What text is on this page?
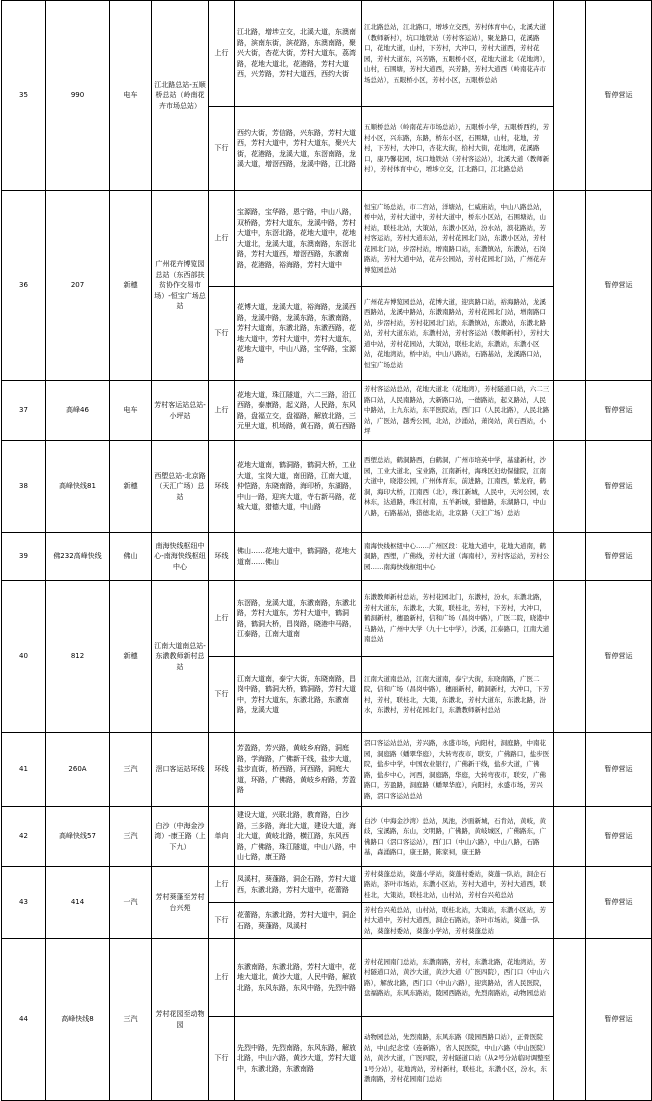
35	990	电车	江北路总站-五顺桥总站（岭南花卉市场总站）	上行	江北路，增埗立交，北溪大道，东澳南路，滨南东街，滨花路，东澳南路，聚兴大街，杏花大街，芳村大道东，荔湾路，花地大道北，花港路，芳村大道西，兴芳路，芳村大道西，西约大街	江北路总站，江北路口，增埗立交西，芳村体育中心，北溪大道（教师新村），坑口地铁站（芳村客运站），聚龙路口，花溪路口，花地大道，山村，下芳村，大冲口，芳村大道西，芳村花园，芳村大道东，兴芳路，五眼桥小区，花地大道北（花地湾），山村，石围塘，芳村大道西，兴芳路，芳村大道西（岭南花卉市场总站），五眼桥小区，芳村小区，五眼桥总站		暂停营运
				下行	西约大街，芳信路，兴东路，芳村大道西，芳村大道中，芳村大道东，聚兴大街，花港路，龙溪大道，东滘南路，龙溪大道，增滘西路，龙溪中路，江北路	五顺桥总站（岭南花卉市场总站），五眼桥小学，五眼桥西约，芳村小区，兴东路，东路，桥东小区，石围塘，山村，花地，芳村，下芳村，大冲口，杏花大街，拾村大街，花地湾，花溪路口，康乃馨花园，坑口地铁站（芳村客运站），北溪大道（教师新村），芳村体育中心，增埗立交，江北路口，江北路总站		
36	207	新穗	广州花卉博览园总站（东西部扶贫协作交易市场）-恒宝广场总站	上行	宝源路，宝华路，恩宁路，中山八路，双桥路，芳村大道东，龙溪中路，芳村大道中，东滘北路，花地大道中，花地大道北，龙溪大道，东澳南路，东滘北路，芳村大道西，增滘西路，东漖南路，花港路，裕海路，芳村大道中	恒宝广场总站，市二宫站，洋塘站，仁威庙站，中山八路总站，桥中站，芳村大道中，芳村大道中，桥东小区站，石围塘站，山村站，联桂北站，大策站，东漖小区站，汾水站，滨花路站，芳村客运站，芳村大道东站，芳村花园北门站，东漖小区站，芳村花园北门站，步滘村站，增南路口站，东漖镇站，东漖站，石岗路站，芳村大道中站，花卉公园站，芳村花园北门站，广州花卉博览园总站		暂停营运
				下行	花博大道，龙溪大道，裕海路，龙溪西路，龙溪中路，龙溪东路，东漖南路，芳村大道南，东漖北路，东漖西路，花地大道中，芳村大道中，芳村大道东，花地大道中，中山八路，宝华路，宝源路	广州花卉博览园总站，花博大道，迎宾路口站，裕海路站，龙溪西路站，龙溪中路站，东漖南路站，芳村花园北门站，增南路口站，步滘村站，芳村花园北门站，东漖镇站，东漖站，东漖北路站，芳村大道东站，东漖村站，芳村客运站（教师新村），芳村大道中站，芳村花园站，大策站，联桂北站，东漖站，东漖小区站，花地湾站，桥中站，中山八路站，石路基站，龙溪路口站，恒宝广场总站		
37	高峰46	电车	芳村客运站总站-小坪站	上行	花地大道，珠江隧道，六二三路，沿江西路，泰康路，起义路，人民路，东风路，盘福立交，盘福路，解放北路，三元里大道，机场路，黄石路，黄石西路	芳村客运站总站，花地大道北（花地湾），芳村隧道口站，六二三路口站，人民南路站，大新路口站，一德路站，起义路站，人民中路站，上九东站，东平医院站，西门口（人民北路），人民北路站，广医站，越秀公园，北站，沙涌站，萧岗站，黄石西站，小坪		暂停营运
38	高峰快线81	新穗	西塱总站-北京路（天汇广场）总站	环线	花地大道南，鹤洞路，鹤洞大桥，工业大道，宝岗大道，南田路，江南大道，仲恺路，东晓南路，海印桥，东湖路，中山一路，迎宾大道，寺右新马路，花城大道，猎德大道，中山路	西塱总站，鹤洞路西，白鹤洞，广州市培英中学，基建新村，沙园，工业大道北，宝业路，江南新村，海珠区妇幼保健院，江南大道中，晓港公园，广州体育东，前进路，江南西，紫龙府，鹤洞，海印大桥，江南西（北），珠江新城，人民中，天河公园，农林东，达道路，珠江村南，五羊新城，猎德路，东湖路口，中山八路，石路基站，猎德北站，北京路（天汇广场）总站		暂停营运
39	佛232高峰快线	佛山	南海快线枢纽中心-南海快线枢纽中心	环线	佛山……花地大道中，鹤洞路，花地大道南……佛山	南海快线枢纽中心……广州区段：花地大道中，花地大道南，鹤洞路，西塱，广佛线，芳村大道（海南村），芳村客运站，芳村公园……南海快线枢纽中心		暂停营运
40	812	新穗	江南大道南总站-东漖教师新村总站	上行	东滘路，龙溪大道，东漖南路，东漖北路，芳村大道东，芳村大道中，鹤洞路，鹤洞大桥，昌岗路，晓港中马路，江泰路，江南大道南	东漖教师新村总站，芳村花园北门，东漖村，汾水，东漖北路，芳村大道东，东漖北，大策，联桂北，芳村，下芳村，大冲口，鹤洞新村，穗盈新村，信和广场（昌岗中路），广医二院，晓港中马路站，广州中大学（九十七中学），沙溪，江泰路口，江南大道南总站		暂停营运
				下行	江南大道南，泰宁大街，东晓南路，昌岗中路，鹤洞大桥，鹤洞路，芳村大道中，芳村大道东，东漖北路，东漖南路，龙溪大道	江南大道南总站，江南大道南，泰宁大街，东晓南路，广医二院，信和广场（昌岗中路），穗丽新村，鹤洞新村，大冲口，下芳村，芳村，联桂北，大策，东漖北，芳村大道东，东漖北路，汾水，东漖村，芳村花园北门，东漖教师新村总站		
41	260A	三汽	滘口客运站环线	环线	芳盈路，芳兴路，黄岐乡府路，洞庭路，学海路，广佛新干线，盐步大道，盐步直街，桥西路，河西路，洞庭大道，环路，广佛路，黄岐乡府路，芳盈路	滘口客运站总站，芳兴路，永盛市场，向阳村，洞庭路，中南花园，洞庭路（蟠翠华庭），大转弯夜市，联安，广佛路口，盐步医院，盐步中学，中国农业银行，广佛新干线，盐步大道，广佛路，盐步中心，河西，洞庭路，华庭，大转弯夜市，联安，广佛路口，芳盈路，洞庭路（蟠翠华庭），向阳村，永盛市场，芳兴路，滘口客运站总站		暂停营运
42	高峰快线57	三汽	白沙（中海金沙湾）-康王路（上下九）	单向	建设大道，兴联北路，教育路，白沙路，三多路，海北大道，建设大道，海北大道，黄岐北路，横江路，东风西路，广佛路，珠江隧道，中山八路，中山七路，康王路	白沙（中海金沙湾）总站，凤池，沙面新城，石肯站，黄岐，黄歧，宝溪路，东山，文明路，广佛路，黄岐城区，广佛路东，广佛路口（滘口客运站），西门口（中山六路），中山八路，石路基，森涌路口，康王路，陈家祠，康王路		暂停营运
43	414	一汽	芳村葵蓬至芳村台兴苑	上行	凤溪村，葵蓬路，洞企石路，芳村大道西，东漖北路，芳村大道中，花蕾路	芳村葵蓬总站，葵蓬小学站，葵蓬村委站，葵蓬一队站，洞企石路站，茶叶市场站，东漖小区站，芳村大道中，芳村大道西，联桂北，大策站，联桂北站，山村站，芳村台兴苑总站		暂停营运
				下行	花蕾路，东漖北路，芳村大道中，洞企石路，葵蓬路，凤溪村	芳村台兴苑总站，山村站，联桂北站，大策站，东漖小区站，芳村大道中，芳村大道西，洞企石路站，茶叶市场站，葵蓬一队站，葵蓬村委站，葵蓬小学站，芳村葵蓬总站		
44	高峰快线8	三汽	芳村花园至动物园	上行	东漖南路，东漖北路，芳村大道中，花地大道北，黄沙大道，人民中路，解放北路，东风东路，东风中路，先烈中路	芳村花园南门总站，东漖南路，芳村，东漖北路，花地湾站，芳村隧道口站，黄沙大道，黄沙大道（广医四院），西门口（中山六路），解放北路，西门口（中山六路），迎宾路站，省人民医院，盘福路站，东风东路站，陵园西路站，先烈南路站，动物园总站		暂停营运
				下行	先烈中路，先烈南路，东风东路，解放北路，中山六路，黄沙大道，芳村大道中，东漖北路，东漖南路	动物园总站，先烈南路，东风东路（陵园西路口站），正骨医院站，中山纪念堂（连新路），省人民医院，中山六路（中山医院）站，黄沙大道，广医四院，芳村隧道口站（从2号分站临时调整至1号分站），花地湾站，芳村新村，联桂北，东漖小区，汾水，东漖南路，芳村花园南门总站		
